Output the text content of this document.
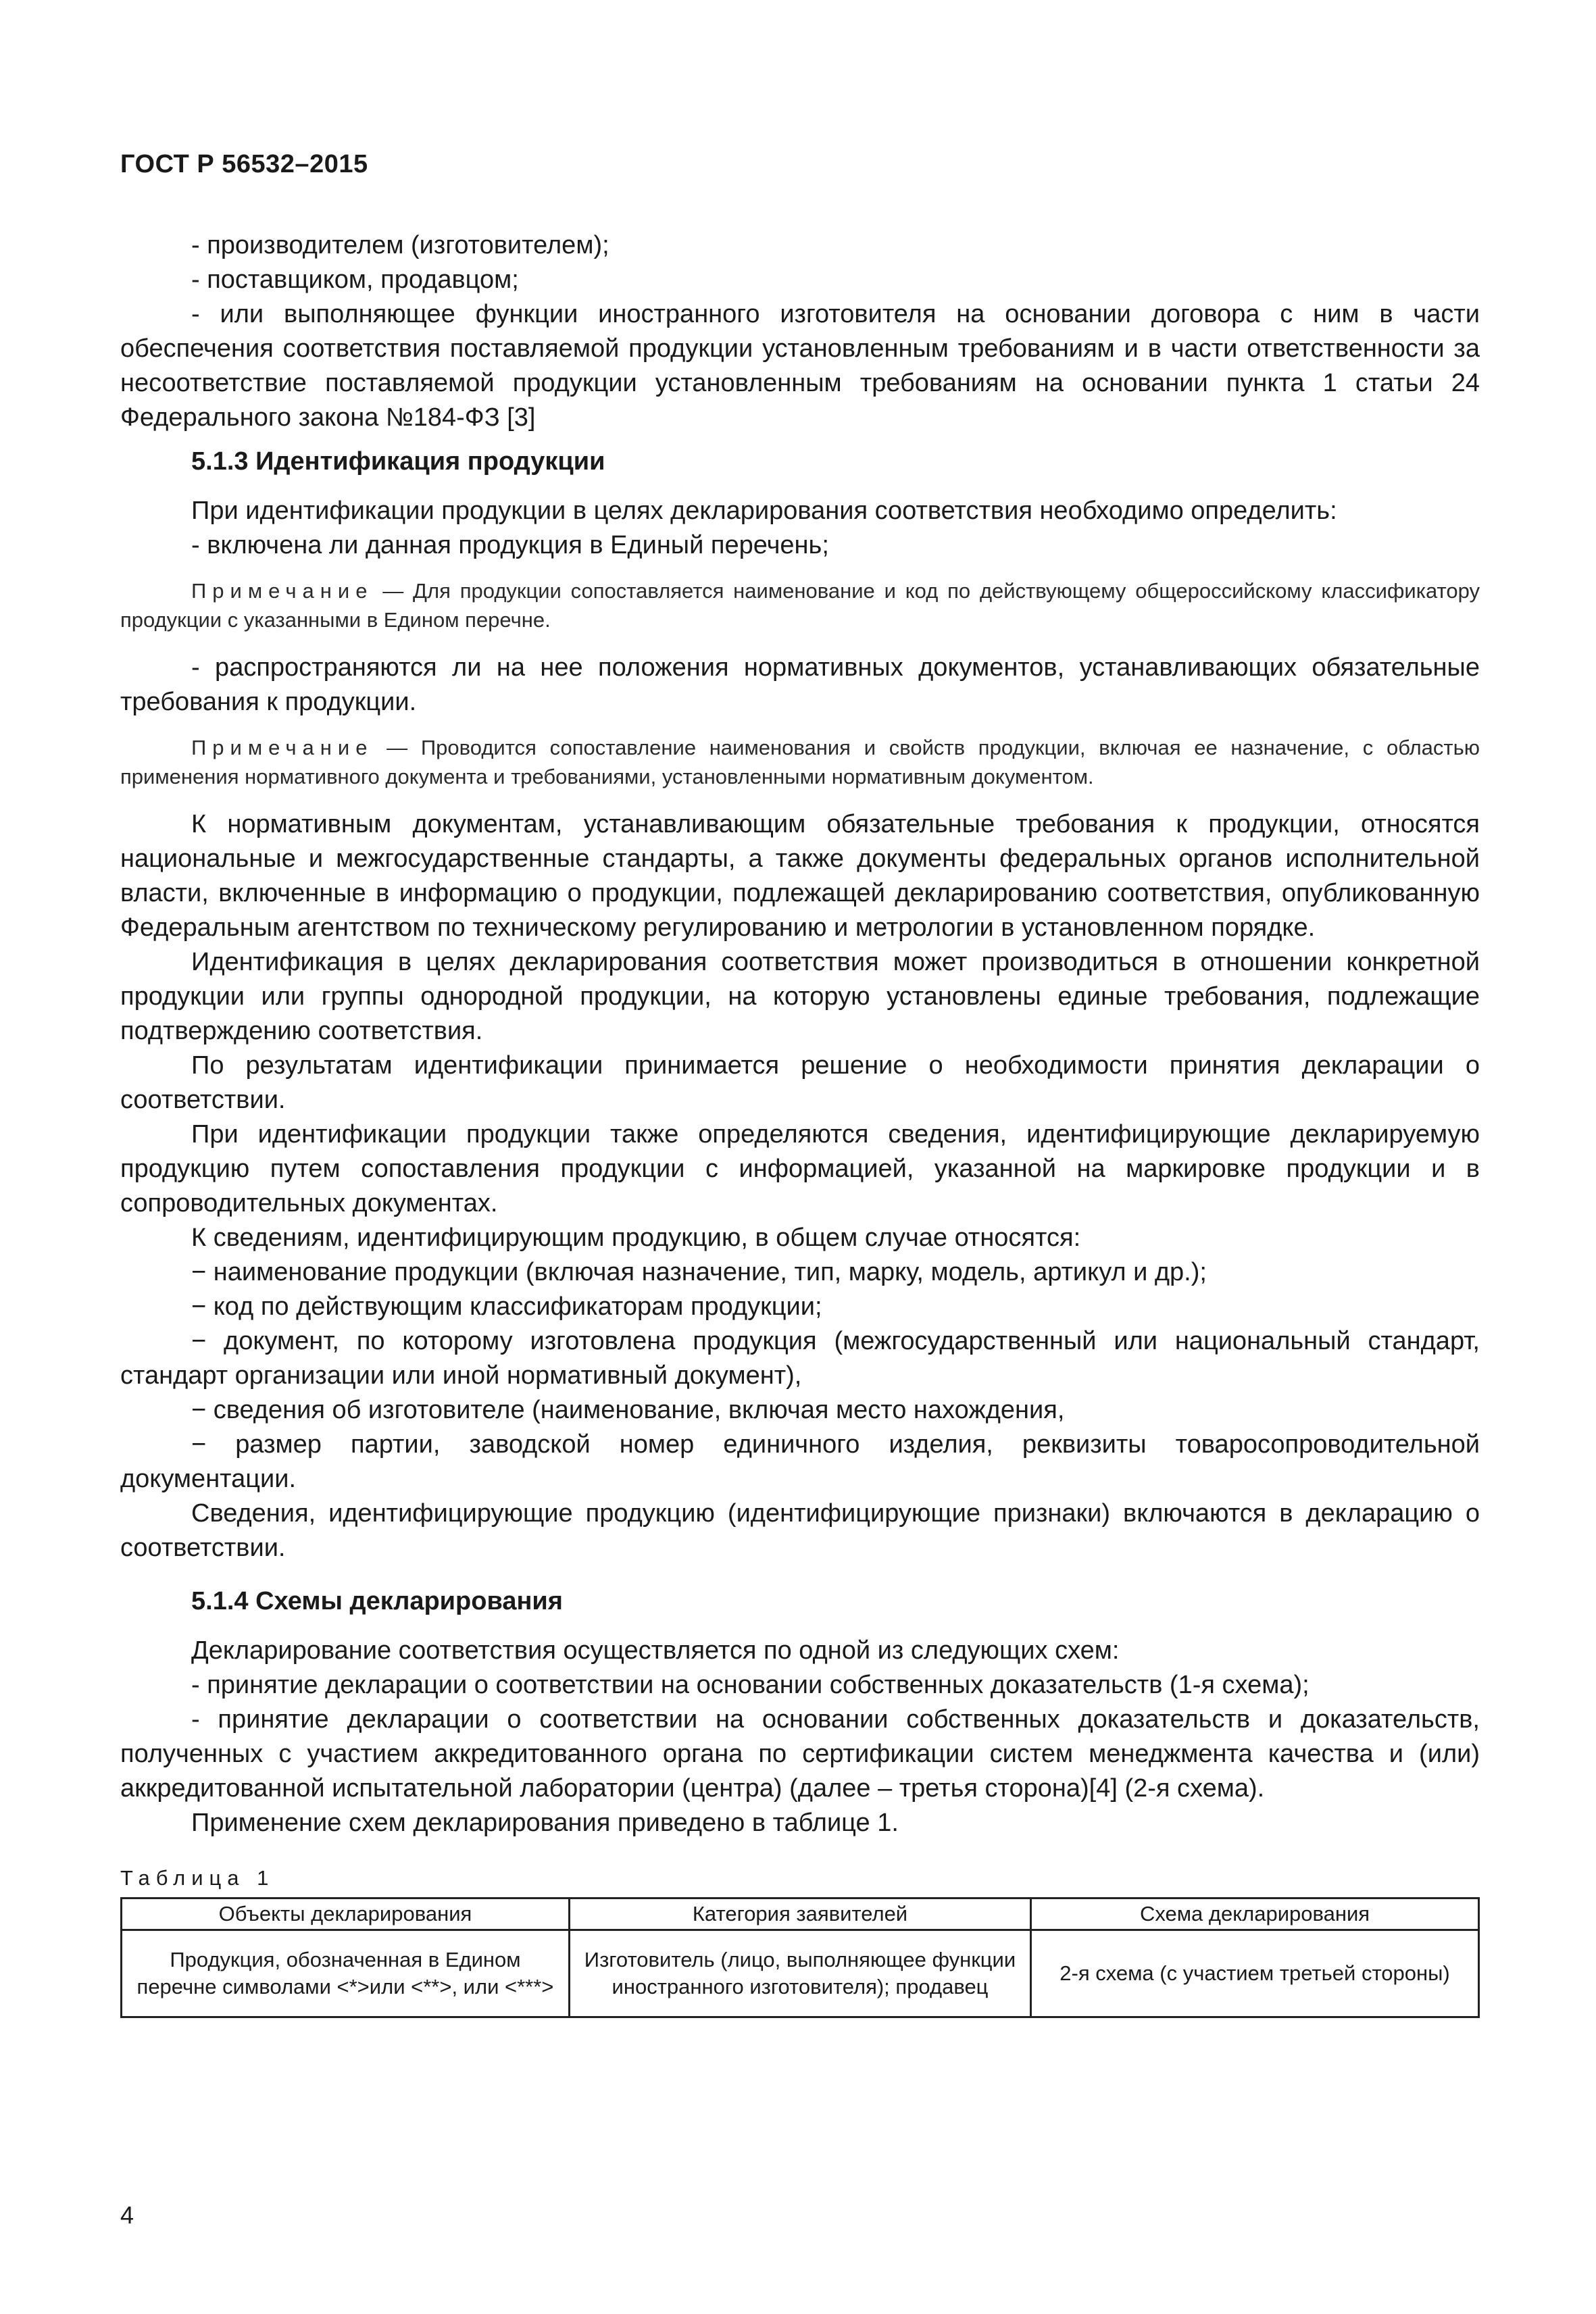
ГОСТ Р 56532–2015

- производителем (изготовителем);

- поставщиком, продавцом;

- или выполняющее функции иностранного изготовителя на основании договора с ним в части обеспечения соответствия поставляемой продукции установленным требованиям и в части ответственности за несоответствие поставляемой продукции установленным требованиям на основании пункта 1 статьи 24 Федерального закона №184-ФЗ [3]

5.1.3 Идентификация продукции

При идентификации продукции в целях декларирования соответствия необходимо определить:

- включена ли данная продукция в Единый перечень;

Примечание — Для продукции сопоставляется наименование и код по действующему общероссийскому классификатору продукции с указанными в Едином перечне.

- распространяются ли на нее положения нормативных документов, устанавливающих обязательные требования к продукции.

Примечание — Проводится сопоставление наименования и свойств продукции, включая ее назначение, с областью применения нормативного документа и требованиями, установленными нормативным документом.

К нормативным документам, устанавливающим обязательные требования к продукции, относятся национальные и межгосударственные стандарты, а также документы федеральных органов исполнительной власти, включенные в информацию о продукции, подлежащей декларированию соответствия, опубликованную Федеральным агентством по техническому регулированию и метрологии в установленном порядке.

Идентификация в целях декларирования соответствия может производиться в отношении конкретной продукции или группы однородной продукции, на которую установлены единые требования, подлежащие подтверждению соответствия.

По результатам идентификации принимается решение о необходимости принятия декларации о соответствии.

При идентификации продукции также определяются сведения, идентифицирующие декларируемую продукцию путем сопоставления продукции с информацией, указанной на маркировке продукции и в сопроводительных документах.

К сведениям, идентифицирующим продукцию, в общем случае относятся:

− наименование продукции (включая назначение, тип, марку, модель, артикул и др.);

− код по действующим классификаторам продукции;

− документ, по которому изготовлена продукция (межгосударственный или национальный стандарт, стандарт организации или иной нормативный документ),

− сведения об изготовителе (наименование, включая место нахождения,

− размер партии, заводской номер единичного изделия, реквизиты товаросопроводительной документации.

Сведения, идентифицирующие продукцию (идентифицирующие признаки) включаются в декларацию о соответствии.

5.1.4 Схемы декларирования

Декларирование соответствия осуществляется по одной из следующих схем:

- принятие декларации о соответствии на основании собственных доказательств (1-я схема);

- принятие декларации о соответствии на основании собственных доказательств и доказательств, полученных с участием аккредитованного органа по сертификации систем менеджмента качества и (или) аккредитованной испытательной лаборатории (центра) (далее – третья сторона)[4] (2-я схема).

Применение схем декларирования приведено в таблице 1.

Таблица 1
Объекты декларирования	Категория заявителей	Схема декларирования
Продукция, обозначенная в Едином перечне символами <*>или <**>, или <***>	Изготовитель (лицо, выполняющее функции иностранного изготовителя); продавец	2-я схема (с участием третьей стороны)
4
